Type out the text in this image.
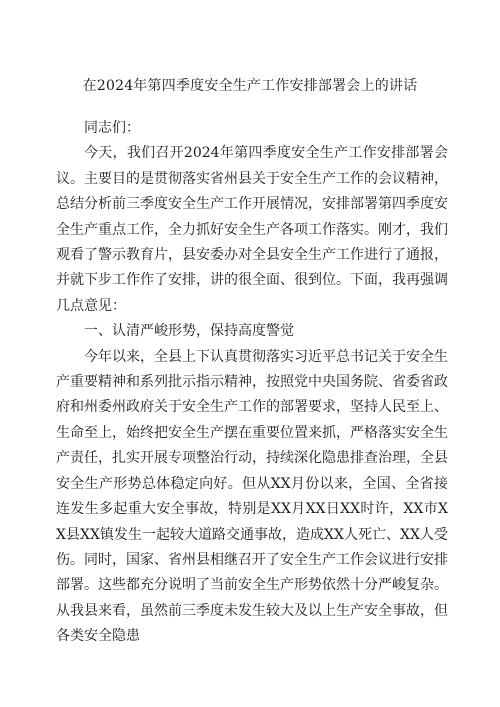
在2024年第四季度安全生产工作安排部署会上的讲话

同志们：

今天，我们召开2024年第四季度安全生产工作安排部署会议。主要目的是贯彻落实省州县关于安全生产工作的会议精神，总结分析前三季度安全生产工作开展情况，安排部署第四季度安全生产重点工作，全力抓好安全生产各项工作落实。刚才，我们观看了警示教育片，县安委办对全县安全生产工作进行了通报，并就下步工作作了安排，讲的很全面、很到位。下面，我再强调几点意见：

一、认清严峻形势，保持高度警觉

今年以来，全县上下认真贯彻落实习近平总书记关于安全生产重要精神和系列批示指示精神，按照党中央国务院、省委省政府和州委州政府关于安全生产工作的部署要求，坚持人民至上、生命至上，始终把安全生产摆在重要位置来抓，严格落实安全生产责任，扎实开展专项整治行动，持续深化隐患排查治理，全县安全生产形势总体稳定向好。但从XX月份以来，全国、全省接连发生多起重大安全事故，特别是XX月XX日XX时许，XX市XX县XX镇发生一起较大道路交通事故，造成XX人死亡、XX人受伤。同时，国家、省州县相继召开了安全生产工作会议进行安排部署。这些都充分说明了当前安全生产形势依然十分严峻复杂。从我县来看，虽然前三季度未发生较大及以上生产安全事故，但各类安全隐患
